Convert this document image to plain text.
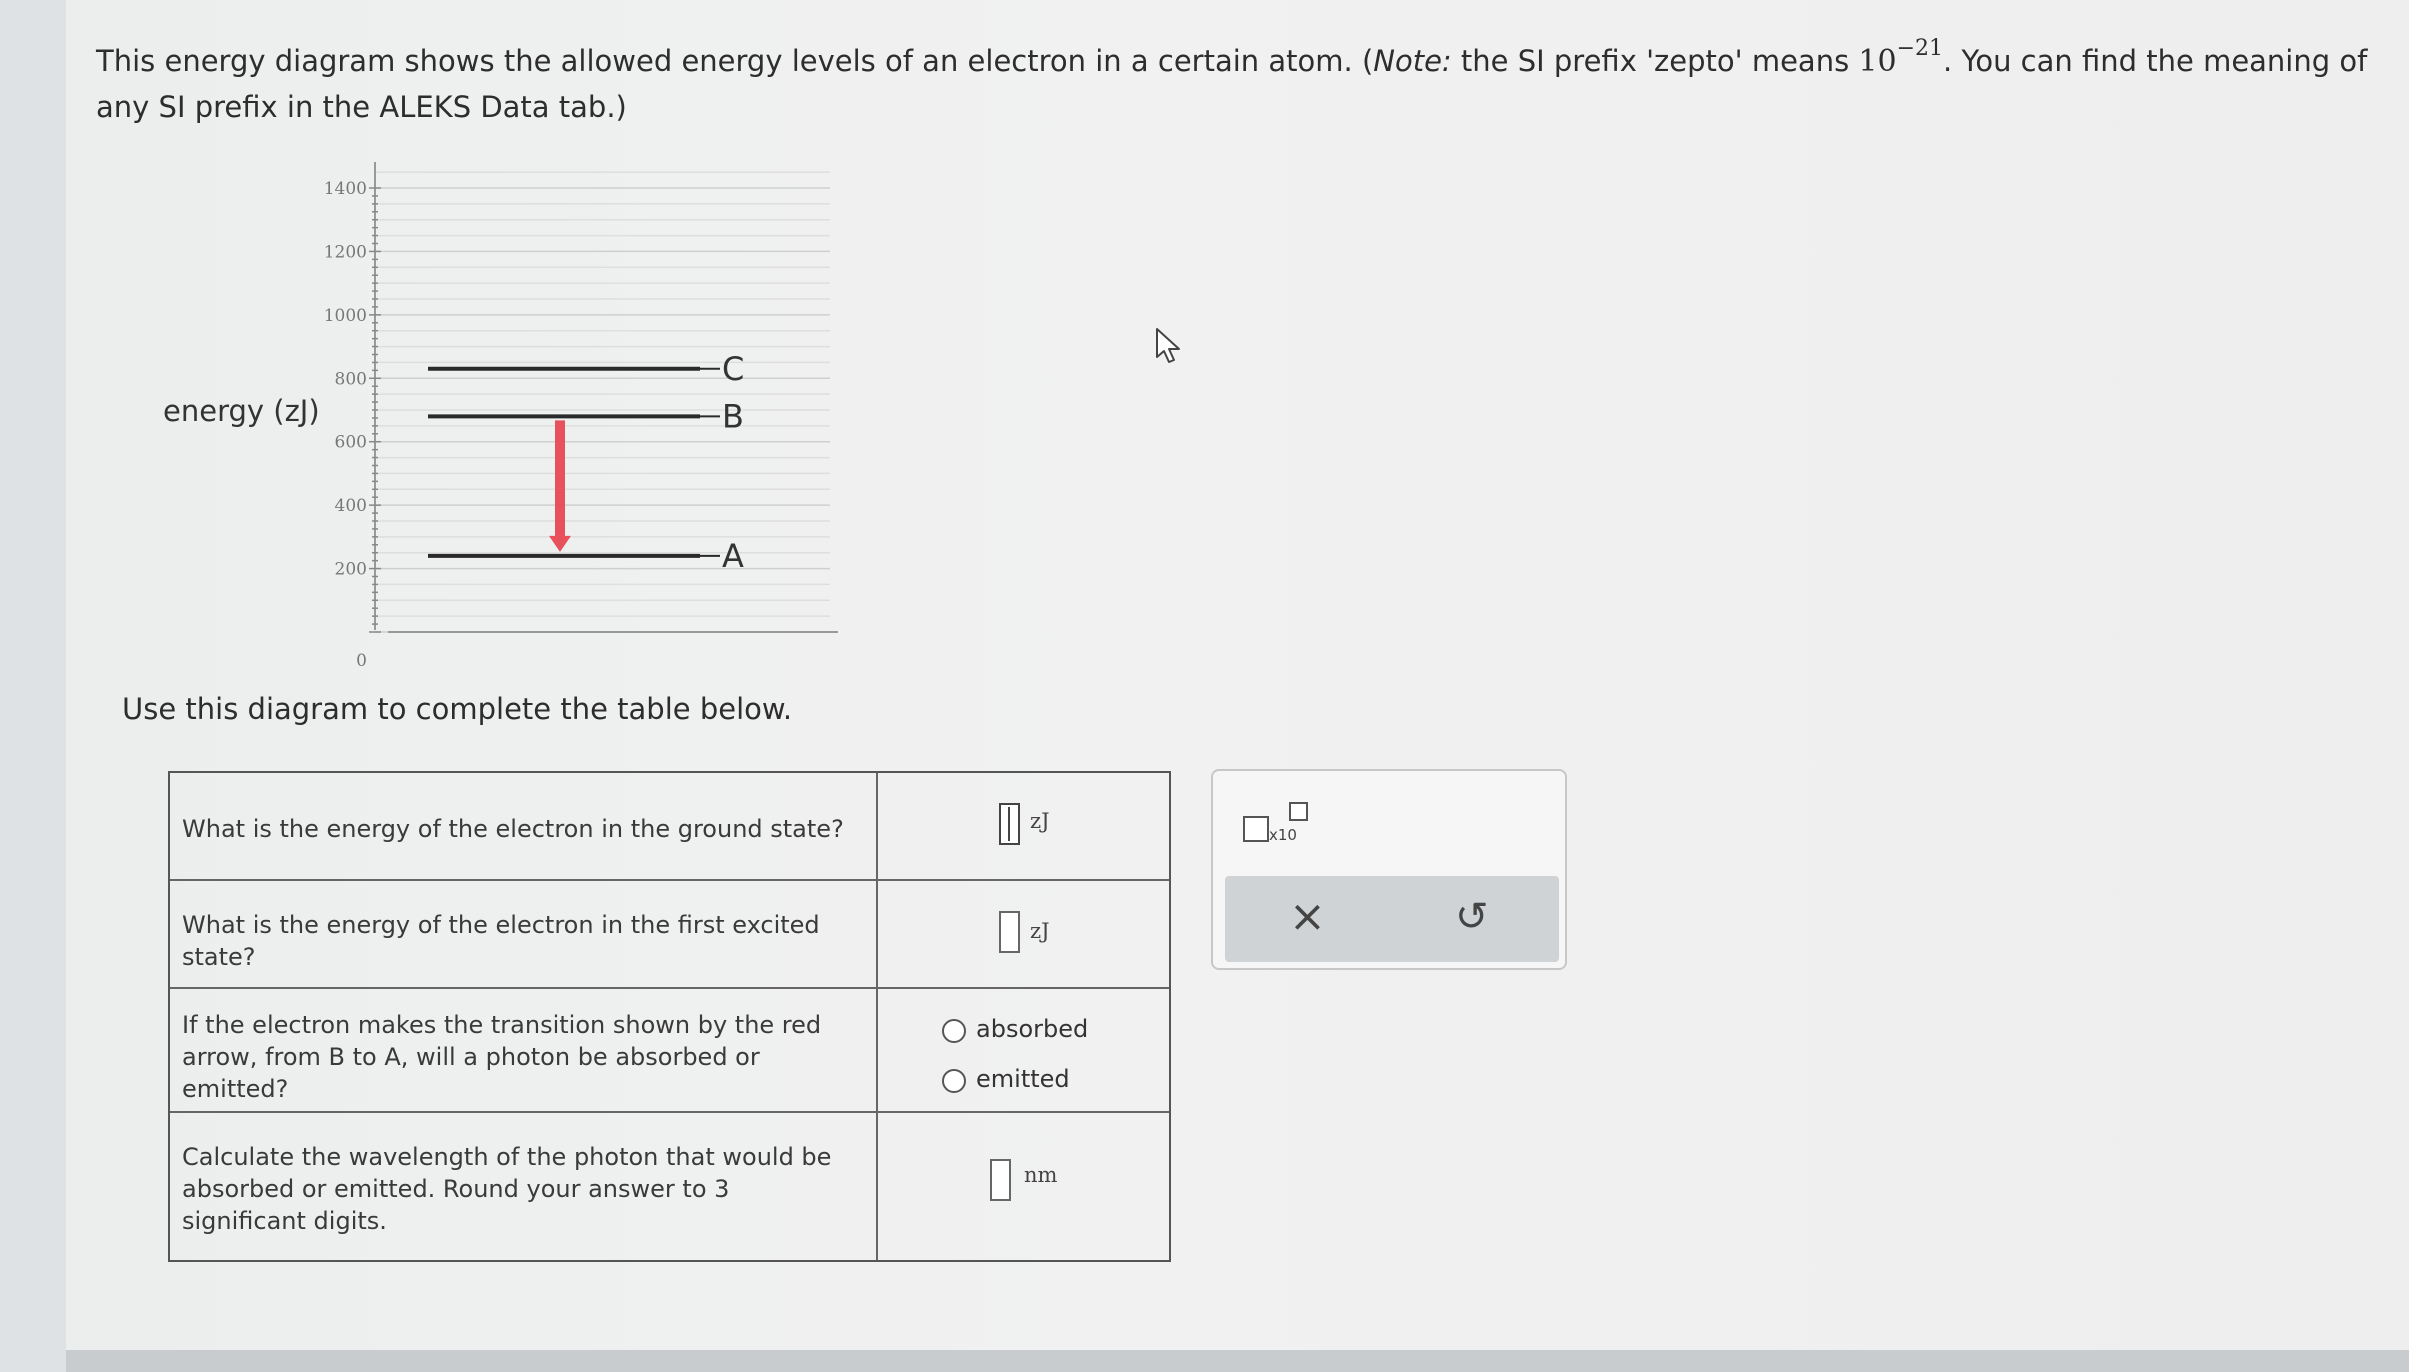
This energy diagram shows the allowed energy levels of an electron in a certain atom. (Note: the SI prefix 'zepto' means $10^{-21}$. You can find the meaning of any SI prefix in the ALEKS Data tab.)
energy (zJ)
0
200
400
600
800
1000
1200
1400
A
B
C
Use this diagram to complete the table below.
What is the energy of the electron in the ground state?	zJ
What is the energy of the electron in the first excited state?
zJ
If the electron makes the transition shown by the red arrow, from B to A, will a photon be absorbed or emitted?
absorbed
emitted
Calculate the wavelength of the photon that would be absorbed or emitted. Round your answer to 3 significant digits.
nm
x10
×	↺
